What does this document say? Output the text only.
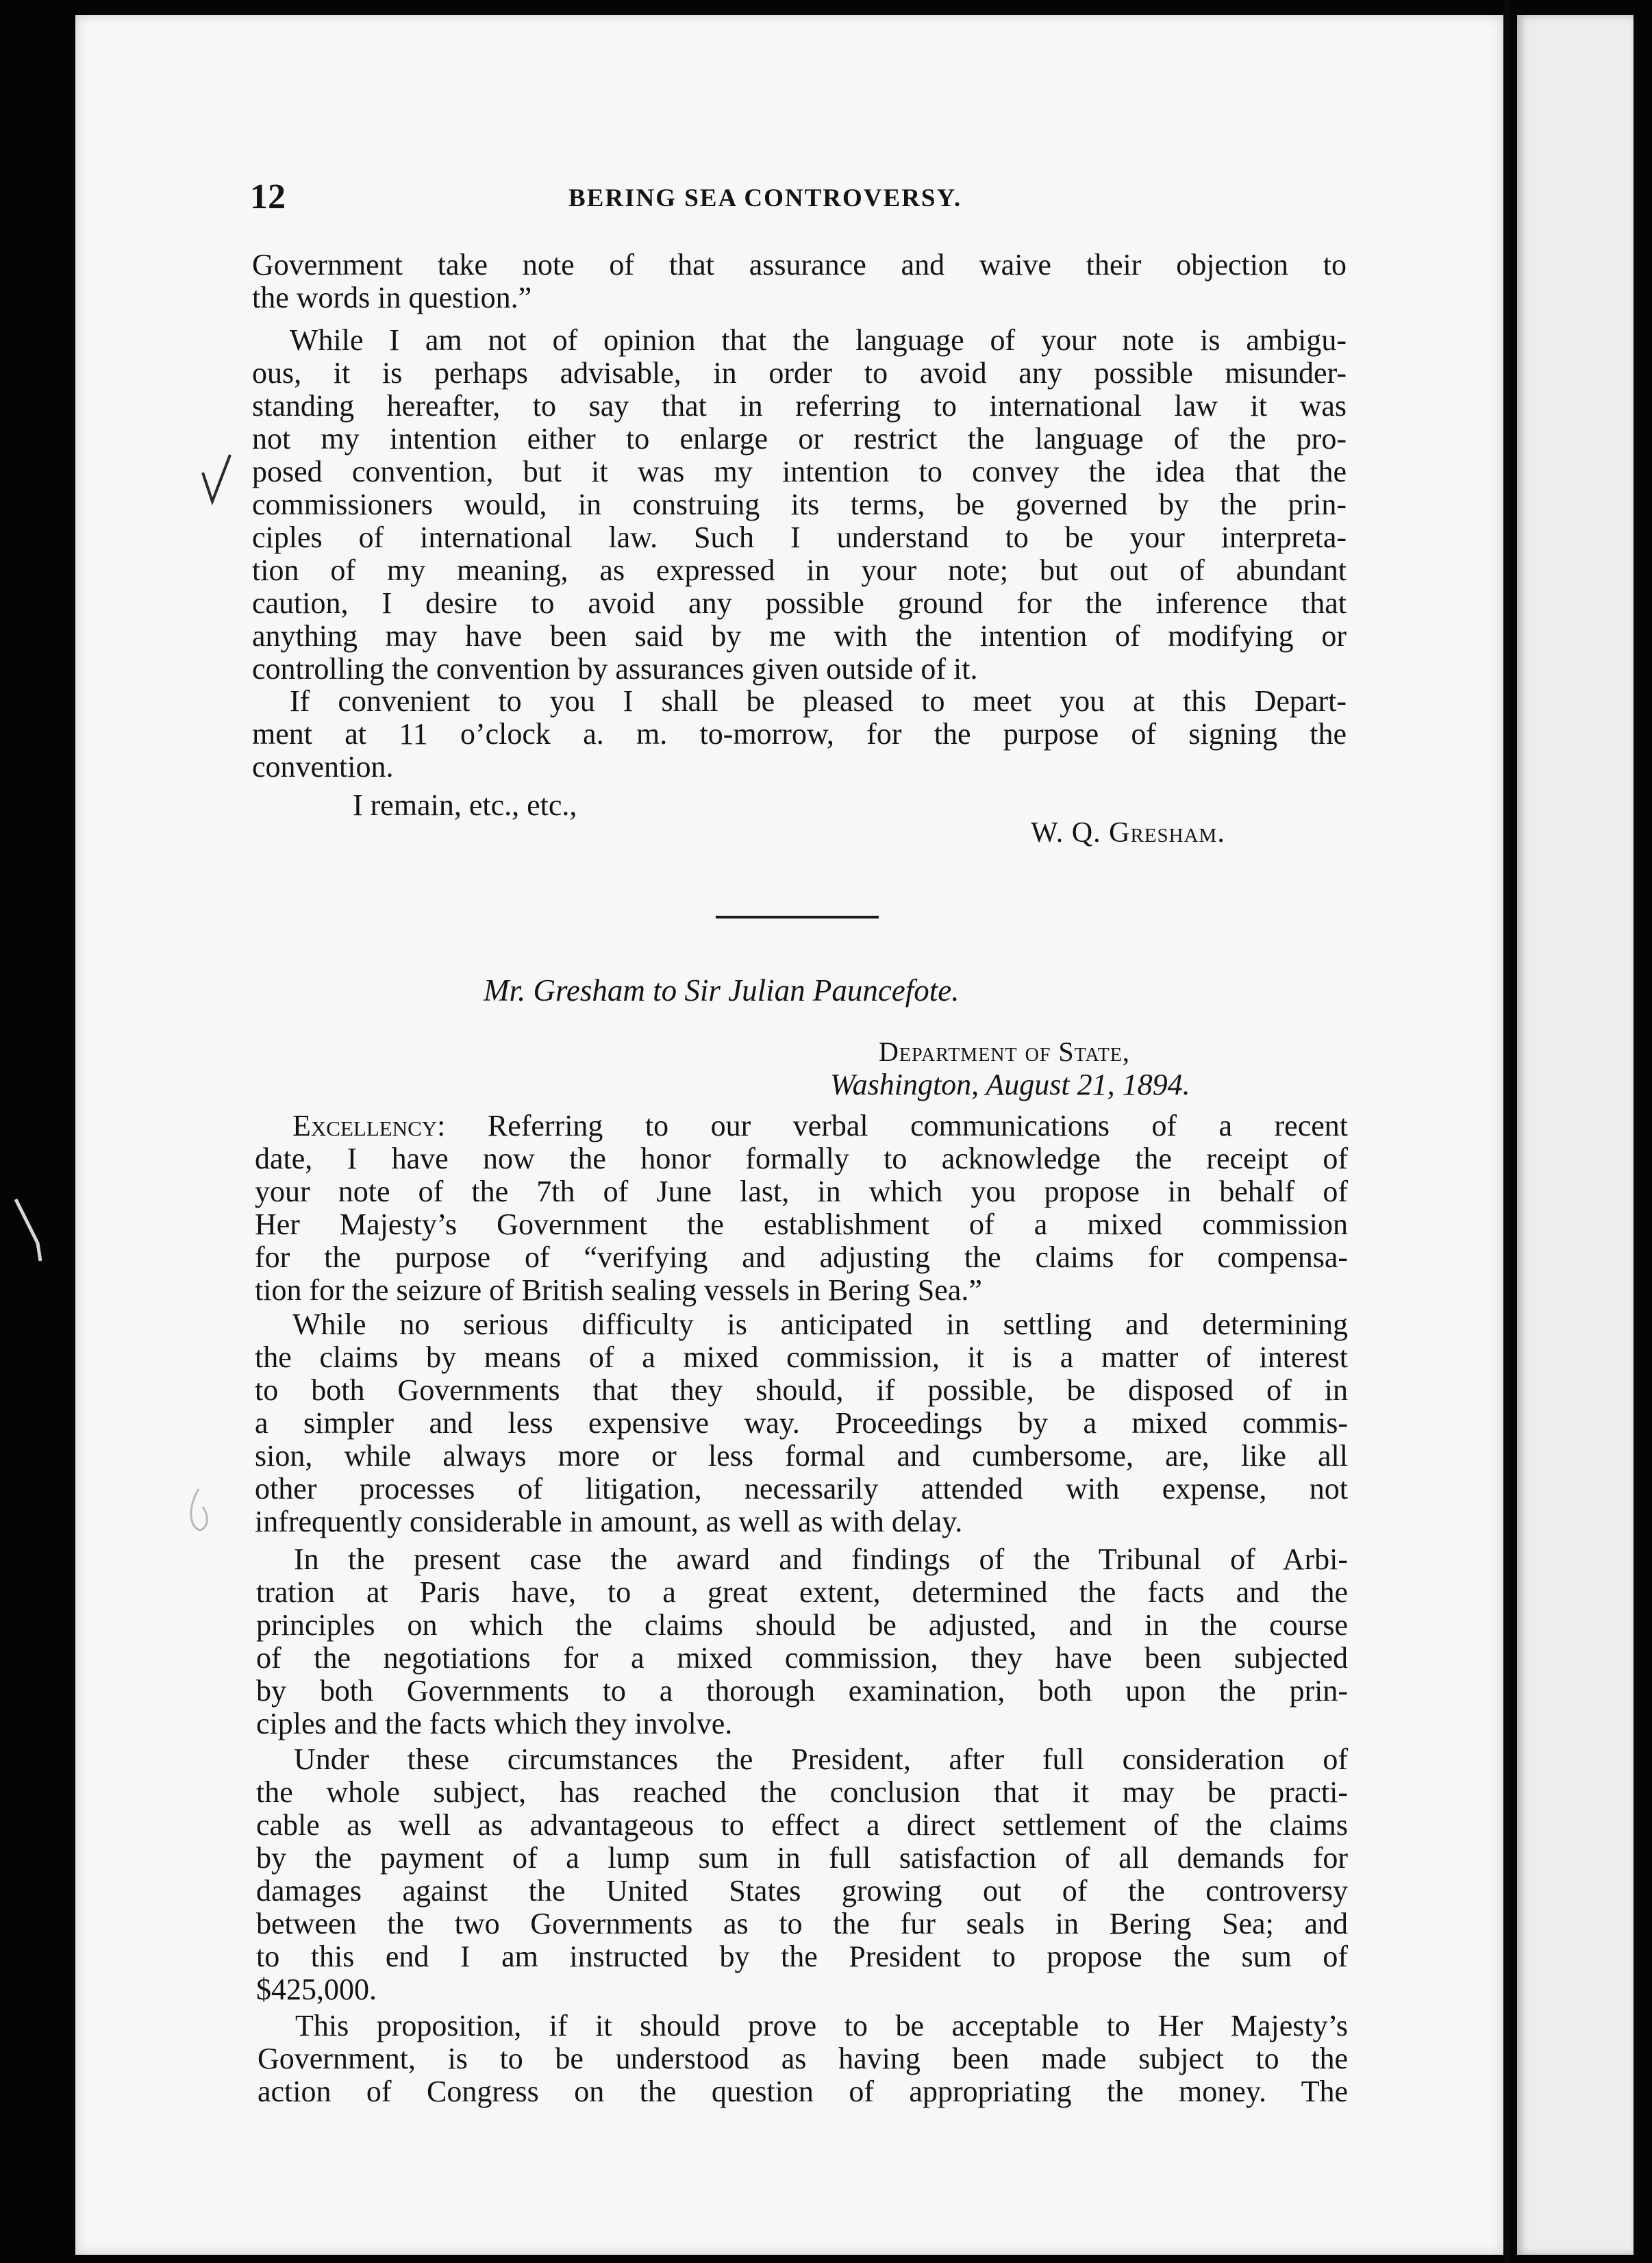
12	BERING SEA CONTROVERSY.
Government take note of that assurance and waive their objection to
the words in question.”
While I am not of opinion that the language of your note is ambigu-
ous, it is perhaps advisable, in order to avoid any possible misunder-
standing hereafter, to say that in referring to international law it was
not my intention either to enlarge or restrict the language of the pro-
posed convention, but it was my intention to convey the idea that the
commissioners would, in construing its terms, be governed by the prin-
ciples of international law. Such I understand to be your interpreta-
tion of my meaning, as expressed in your note; but out of abundant
caution, I desire to avoid any possible ground for the inference that
anything may have been said by me with the intention of modifying or
controlling the convention by assurances given outside of it.
If convenient to you I shall be pleased to meet you at this Depart-
ment at 11 o’clock a. m. to-morrow, for the purpose of signing the
convention.
I remain, etc., etc.,
W. Q. Gresham.
Mr. Gresham to Sir Julian Pauncefote.
Department of State,
Washington, August 21, 1894.
Excellency: Referring to our verbal communications of a recent
date, I have now the honor formally to acknowledge the receipt of
your note of the 7th of June last, in which you propose in behalf of
Her Majesty’s Government the establishment of a mixed commission
for the purpose of “verifying and adjusting the claims for compensa-
tion for the seizure of British sealing vessels in Bering Sea.”
While no serious difficulty is anticipated in settling and determining
the claims by means of a mixed commission, it is a matter of interest
to both Governments that they should, if possible, be disposed of in
a simpler and less expensive way. Proceedings by a mixed commis-
sion, while always more or less formal and cumbersome, are, like all
other processes of litigation, necessarily attended with expense, not
infrequently considerable in amount, as well as with delay.
In the present case the award and findings of the Tribunal of Arbi-
tration at Paris have, to a great extent, determined the facts and the
principles on which the claims should be adjusted, and in the course
of the negotiations for a mixed commission, they have been subjected
by both Governments to a thorough examination, both upon the prin-
ciples and the facts which they involve.
Under these circumstances the President, after full consideration of
the whole subject, has reached the conclusion that it may be practi-
cable as well as advantageous to effect a direct settlement of the claims
by the payment of a lump sum in full satisfaction of all demands for
damages against the United States growing out of the controversy
between the two Governments as to the fur seals in Bering Sea; and
to this end I am instructed by the President to propose the sum of
$425,000.
This proposition, if it should prove to be acceptable to Her Majesty’s
Government, is to be understood as having been made subject to the
action of Congress on the question of appropriating the money. The
